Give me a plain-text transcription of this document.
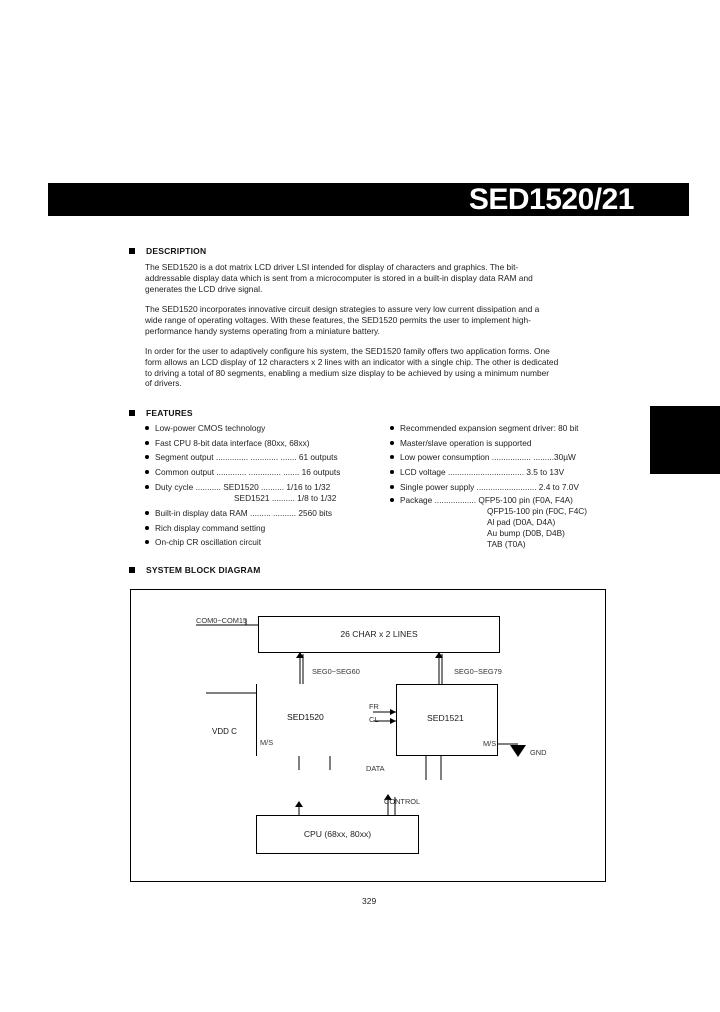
SED1520/21
DESCRIPTION
The SED1520 is a dot matrix LCD driver LSI intended for display of characters and graphics. The bit-
addressable display data which is sent from a microcomputer is stored in a built-in display data RAM and
generates the LCD drive signal.
The SED1520 incorporates innovative circuit design strategies to assure very low current dissipation and a
wide range of operating voltages. With these features, the SED1520 permits the user to implement high-
performance handy systems operating from a miniature battery.
In order for the user to adaptively configure his system, the SED1520 family offers two application forms. One
form allows an LCD display of 12 characters x 2 lines with an indicator with a single chip. The other is dedicated
to driving a total of 80 segments, enabling a medium size display to be achieved by using a minimum number
of drivers.
FEATURES
Low-power CMOS technology
Fast CPU 8-bit data interface (80xx, 68xx)
Segment output .............. ............ ....... 61 outputs
Common output ............. .............. ....... 16 outputs
Duty cycle ........... SED1520 .......... 1/16 to 1/32
SED1521 .......... 1/8 to 1/32
Built-in display data RAM ......... .......... 2560 bits
Rich display command setting
On-chip CR oscillation circuit
Recommended expansion segment driver: 80 bit
Master/slave operation is supported
Low power consumption ................. .........30µW
LCD voltage ................................. 3.5 to 13V
Single power supply .......................... 2.4 to 7.0V
Package .................. QFP5-100 pin (F0A, F4A)
QFP15-100 pin (F0C, F4C)
Al pad (D0A, D4A)
Au bump (D0B, D4B)
TAB (T0A)
SYSTEM BLOCK DIAGRAM
26 CHAR x 2 LINES
COM0~COM15
SEG0~SEG60	SEG0~SEG79
SED1520
M/S
VDD C
SED1521
M/S
FR
CL
GND
DATA
CONTROL
CPU (68xx, 80xx)
329
